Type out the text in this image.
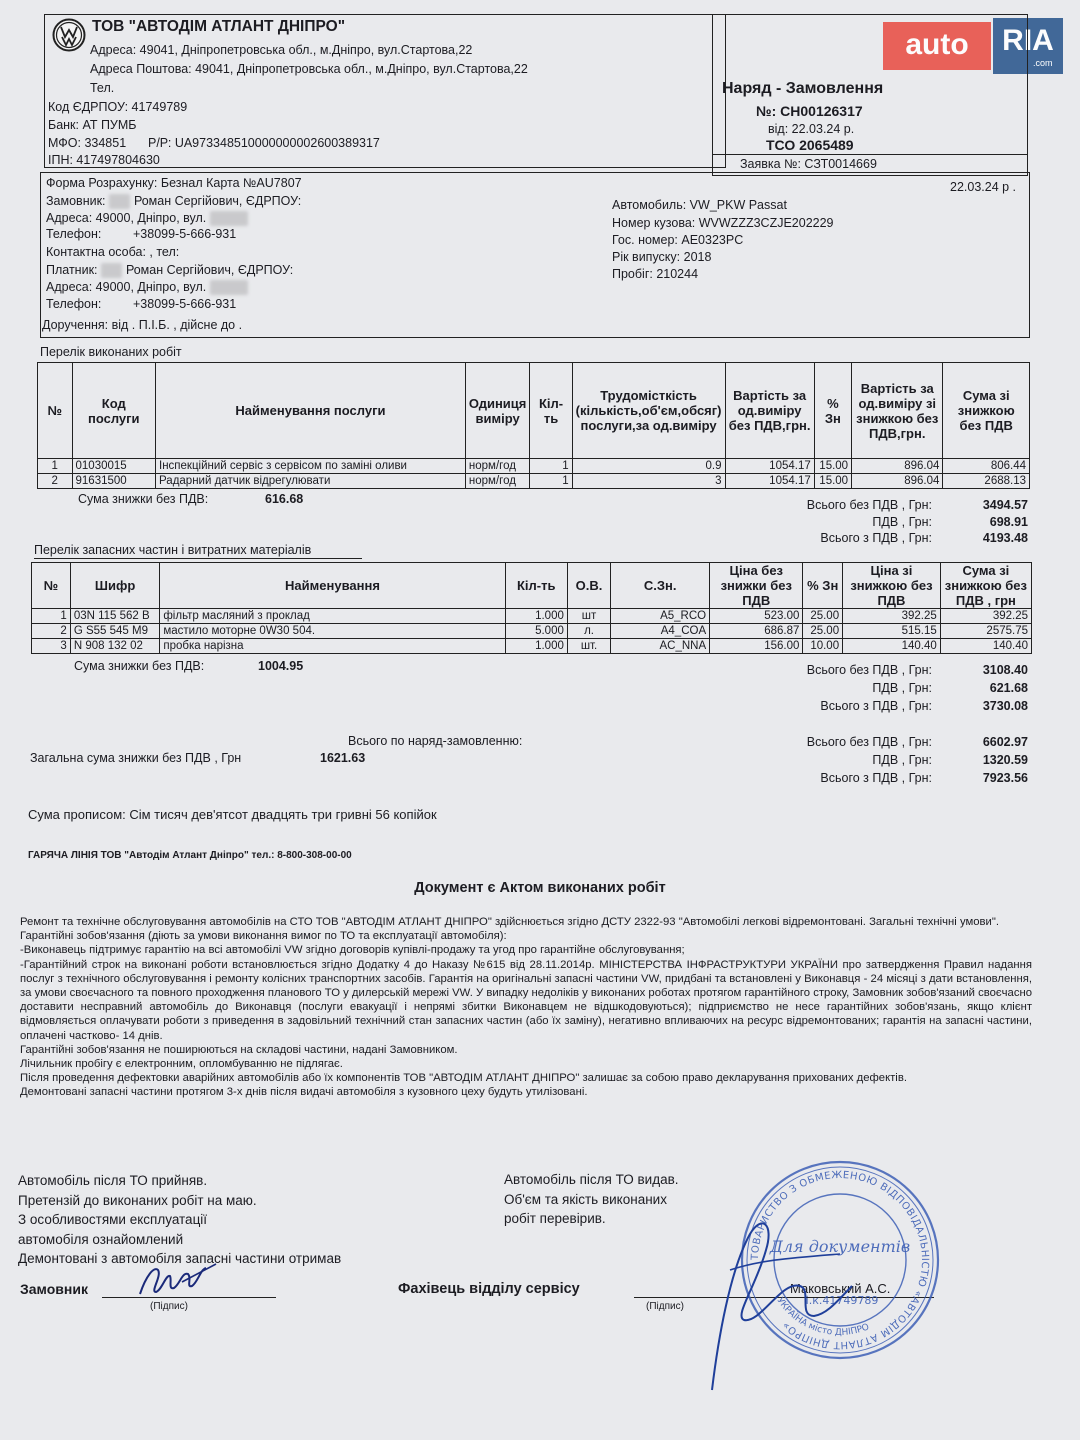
auto	RIA
.com
ТОВ "АВТОДІМ АТЛАНТ ДНІПРО"
Адреса: 49041, Дніпропетровська обл., м.Дніпро, вул.Стартова,22
Адреса Поштова: 49041, Дніпропетровська обл., м.Дніпро, вул.Стартова,22
Тел.
Код ЄДРПОУ: 41749789
Банк: АТ ПУМБ
МФО: 334851 Р/Р: UA973348510000000002600389317
ІПН: 417497804630
Наряд - Замовлення
№: СН00126317
від: 22.03.24 р.
ТСО 2065489
Заявка №: СЗТ0014669
Форма Розрахунку: Безнал Карта №AU7807	22.03.24 р .
Замовник: ПІП Роман Сергійович, ЄДРПОУ:
Адреса: 49000, Дніпро, вул. Лісова
Телефон:	+38099-5-666-931
Контактна особа: , тел:
Платник: ПІП Роман Сергійович, ЄДРПОУ:
Адреса: 49000, Дніпро, вул. Лісова
Телефон:	+38099-5-666-931
Доручення: від . П.І.Б. , дійсне до .
Автомобиль: VW_PKW Passat
Номер кузова: WVWZZZ3CZJE202229
Гос. номер: AE0323PC
Рік випуску: 2018
Пробіг: 210244
Перелік виконаних робіт
№	Код послуги	Найменування послуги	Одиниця виміру	Кіл-ть	Трудомісткість (кількість,об'єм,обсяг) послуги,за од.виміру	Вартість за од.виміру без ПДВ,грн.	% Зн	Вартість за од.виміру зі знижкою без ПДВ,грн.	Сума зі знижкою без ПДВ
1	01030015	Інспекційний сервіс з сервісом по заміні оливи	норм/год	1	0.9	1054.17	15.00	896.04	806.44
2	91631500	Радарний датчик відрегулювати	норм/год	1	3	1054.17	15.00	896.04	2688.13
Сума знижки без ПДВ:	616.68	Всього без ПДВ , Грн:	3494.57
ПДВ , Грн:	698.91
Всього з ПДВ , Грн:	4193.48
Перелік запасних частин і витратних матеріалів
№	Шифр	Найменування	Кіл-ть	О.В.	С.Зн.	Ціна без знижки без ПДВ	% Зн	Ціна зі знижкою без ПДВ	Сума зі знижкою без ПДВ , грн
1	03N 115 562 B	фільтр масляний з проклад	1.000	шт	A5_RCO	523.00	25.00	392.25	392.25
2	G S55 545 M9	мастило моторне 0W30 504.	5.000	л.	A4_COA	686.87	25.00	515.15	2575.75
3	N 908 132 02	пробка нарізна	1.000	шт.	AC_NNA	156.00	10.00	140.40	140.40
Сума знижки без ПДВ:	1004.95	Всього без ПДВ , Грн:	3108.40
ПДВ , Грн:	621.68
Всього з ПДВ , Грн:	3730.08
Всього по наряд-замовленню:
Загальна сума знижки без ПДВ , Грн	1621.63
Всього без ПДВ , Грн:	6602.97
ПДВ , Грн:	1320.59
Всього з ПДВ , Грн:	7923.56
Сума прописом: Сім тисяч дев'ятсот двадцять три гривні 56 копійок
ГАРЯЧА ЛІНІЯ ТОВ "Автодім Атлант Дніпро" тел.: 8-800-308-00-00
Документ є Актом виконаних робіт

Ремонт та технічне обслуговування автомобілів на СТО ТОВ "АВТОДІМ АТЛАНТ ДНІПРО" здійснюється згідно ДСТУ 2322-93 "Автомобілі легкові відремонтовані. Загальні технічні умови".

Гарантійні зобов'язання (діють за умови виконання вимог по ТО та експлуатації автомобіля):

-Виконавець підтримує гарантію на всі автомобілі VW згідно договорів купівлі-продажу та угод про гарантійне обслуговування;

-Гарантійний строк на виконані роботи встановлюється згідно Додатку 4 до Наказу №615 від 28.11.2014р. МІНІСТЕРСТВА ІНФРАСТРУКТУРИ УКРАЇНИ про затвердження Правил надання послуг з технічного обслуговування і ремонту колісних транспортних засобів. Гарантія на оригінальні запасні частини VW, придбані та встановлені у Виконавця - 24 місяці з дати встановлення, за умови своєчасного та повного проходження планового ТО у дилерській мережі VW. У випадку недоліків у виконаних роботах протягом гарантійного строку, Замовник зобов'язаний своєчасно доставити несправний автомобіль до Виконавця (послуги евакуації і непрямі збитки Виконавцем не відшкодовуються); підприємство не несе гарантійних зобов'язань, якщо клієнт відмовляється оплачувати роботи з приведення в задовільний технічний стан запасних частин (або їх заміну), негативно впливаючих на ресурс відремонтованих; гарантія на запасні частини, оплачені частково- 14 днів.

Гарантійні зобов'язання не поширюються на складові частини, надані Замовником.

Лічильник пробігу є електронним, опломбуванню не підлягає.

Після проведення дефектовки аварійних автомобілів або їх компонентів ТОВ "АВТОДІМ АТЛАНТ ДНІПРО" залишає за собою право декларування прихованих дефектів.

Демонтовані запасні частини протягом 3-х днів після видачі автомобіля з кузовного цеху будуть утилізовані.

Автомобіль після ТО прийняв.
Претензій до виконаних робіт на маю.
З особливостями експлуатації
автомобіля ознайомлений
Демонтовані з автомобіля запасні частини отримав
Автомобіль після ТО видав.
Об'єм та якість виконаних
робіт перевірив.
Замовник
(Підпис)
Фахівець відділу сервісу
(Підпис)
Маковський А.С.
ТОВАРИСТВО З ОБМЕЖЕНОЮ ВІДПОВІДАЛЬНІСТЮ «АВТОДІМ АТЛАНТ ДНІПРО»
Для документів
і.к.41749789
УКРАЇНА місто ДНІПРО
